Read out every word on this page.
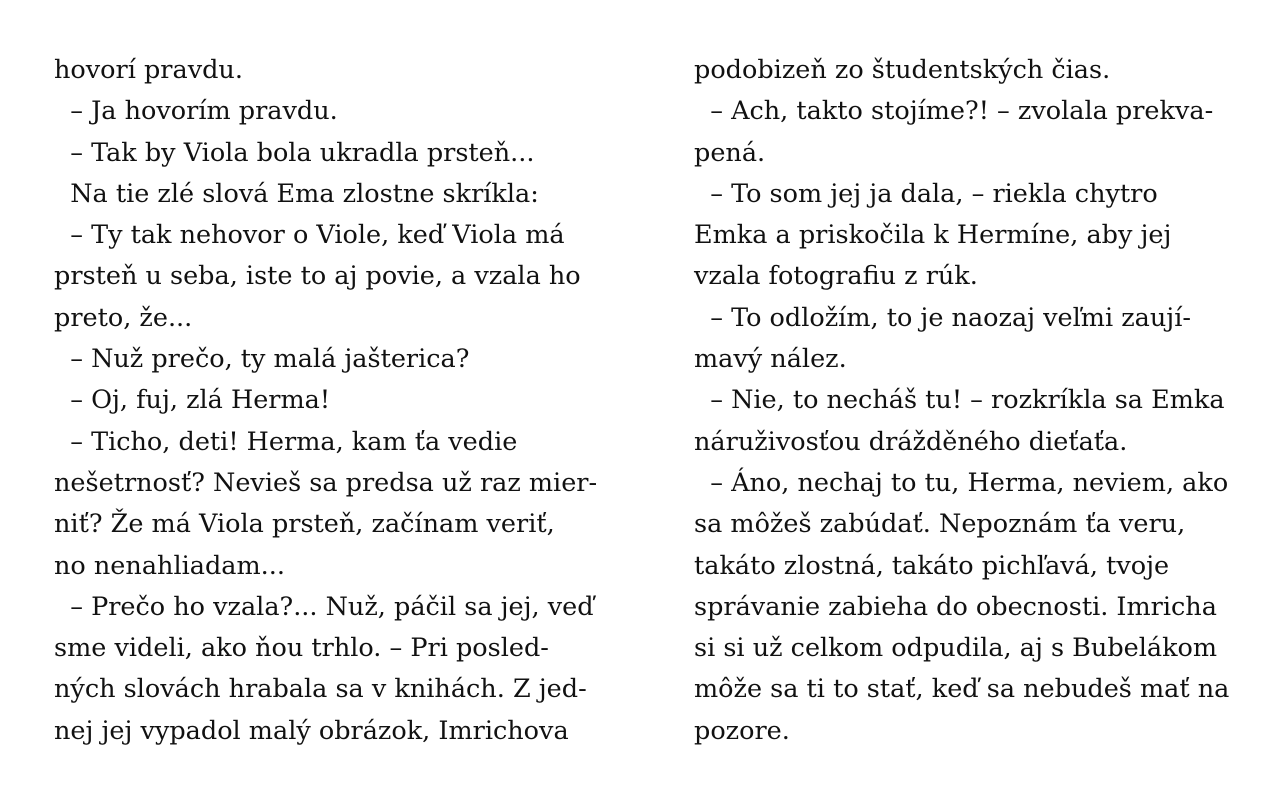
hovorí pravdu.
– Ja hovorím pravdu.
– Tak by Viola bola ukradla prsteň...
Na tie zlé slová Ema zlostne skríkla:
– Ty tak nehovor o Viole, keď Viola má
prsteň u seba, iste to aj povie, a vzala ho
preto, že...
– Nuž prečo, ty malá jašterica?
– Oj, fuj, zlá Herma!
– Ticho, deti! Herma, kam ťa vedie
nešetrnosť? Nevieš sa predsa už raz mier-
niť? Že má Viola prsteň, začínam veriť,
no nenahliadam...
– Prečo ho vzala?... Nuž, páčil sa jej, veď
sme videli, ako ňou trhlo. – Pri posled-
ných slovách hrabala sa v knihách. Z jed-
nej jej vypadol malý obrázok, Imrichova
podobizeň zo študentských čias.
– Ach, takto stojíme?! – zvolala prekva-
pená.
– To som jej ja dala, – riekla chytro
Emka a priskočila k Hermíne, aby jej
vzala fotografiu z rúk.
– To odložím, to je naozaj veľmi zaují-
mavý nález.
– Nie, to necháš tu! – rozkríkla sa Emka
náruživosťou drážděného dieťaťa.
– Áno, nechaj to tu, Herma, neviem, ako
sa môžeš zabúdať. Nepoznám ťa veru,
takáto zlostná, takáto pichľavá, tvoje
správanie zabieha do obecnosti. Imricha
si si už celkom odpudila, aj s Bubelákom
môže sa ti to stať, keď sa nebudeš mať na
pozore.
